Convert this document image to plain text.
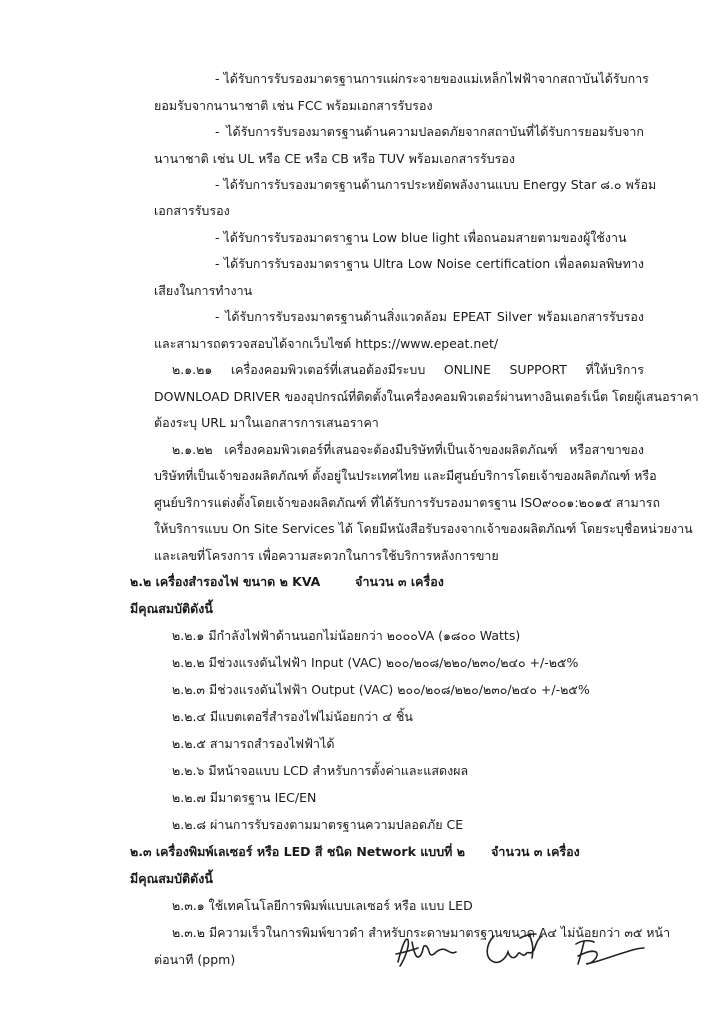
- ได้รับการรับรองมาตรฐานการแผ่กระจายของแม่เหล็กไฟฟ้าจากสถาบันได้รับการ
ยอมรับจากนานาชาติ เช่น FCC พร้อมเอกสารรับรอง
- ได้รับการรับรองมาตรฐานด้านความปลอดภัยจากสถาบันที่ได้รับการยอมรับจาก
นานาชาติ เช่น UL หรือ CE หรือ CB หรือ TUV พร้อมเอกสารรับรอง
- ได้รับการรับรองมาตรฐานด้านการประหยัดพลังงานแบบ Energy Star ๘.๐ พร้อม
เอกสารรับรอง
- ได้รับการรับรองมาตราฐาน Low blue light เพื่อถนอมสายตามของผู้ใช้งาน
- ได้รับการรับรองมาตราฐาน Ultra Low Noise certification เพื่อลดมลพิษทาง
เสียงในการทำงาน
- ได้รับการรับรองมาตรฐานด้านสิ่งแวดล้อม EPEAT Silver พร้อมเอกสารรับรอง
และสามารถตรวจสอบได้จากเว็บไซต์ https://www.epeat.net/
๒.๑.๒๑ เครื่องคอมพิวเตอร์ที่เสนอต้องมีระบบ ONLINE SUPPORT ที่ให้บริการ
DOWNLOAD DRIVER ของอุปกรณ์ที่ติดตั้งในเครื่องคอมพิวเตอร์ผ่านทางอินเตอร์เน็ต โดยผู้เสนอราคา
ต้องระบุ URL มาในเอกสารการเสนอราคา
๒.๑.๒๒ เครื่องคอมพิวเตอร์ที่เสนอจะต้องมีบริษัทที่เป็นเจ้าของผลิตภัณฑ์ หรือสาขาของ
บริษัทที่เป็นเจ้าของผลิตภัณฑ์ ตั้งอยู่ในประเทศไทย และมีศูนย์บริการโดยเจ้าของผลิตภัณฑ์ หรือ
ศูนย์บริการแต่งตั้งโดยเจ้าของผลิตภัณฑ์ ที่ได้รับการรับรองมาตรฐาน ISO๙๐๐๑:๒๐๑๕ สามารถ
ให้บริการแบบ On Site Services ได้ โดยมีหนังสือรับรองจากเจ้าของผลิตภัณฑ์ โดยระบุชื่อหน่วยงาน
และเลขที่โครงการ เพื่อความสะดวกในการใช้บริการหลังการขาย
๒.๒ เครื่องสำรองไฟ ขนาด ๒ KVA        จำนวน ๓ เครื่อง
มีคุณสมบัติดังนี้
๒.๒.๑ มีกำลังไฟฟ้าด้านนอกไม่น้อยกว่า ๒๐๐๐VA (๑๘๐๐ Watts)
๒.๒.๒ มีช่วงแรงดันไฟฟ้า Input (VAC) ๒๐๐/๒๐๘/๒๒๐/๒๓๐/๒๔๐ +/-๒๕%
๒.๒.๓ มีช่วงแรงดันไฟฟ้า Output (VAC) ๒๐๐/๒๐๘/๒๒๐/๒๓๐/๒๔๐ +/-๒๕%
๒.๒.๔ มีแบตเตอรี่สำรองไฟไม่น้อยกว่า ๔ ชิ้น
๒.๒.๕ สามารถสำรองไฟฟ้าได้
๒.๒.๖ มีหน้าจอแบบ LCD สำหรับการตั้งค่าและแสดงผล
๒.๒.๗ มีมาตรฐาน IEC/EN
๒.๒.๘ ผ่านการรับรองตามมาตรฐานความปลอดภัย CE
๒.๓ เครื่องพิมพ์เลเซอร์ หรือ LED สี ชนิด Network แบบที่ ๒      จำนวน ๓ เครื่อง
มีคุณสมบัติดังนี้
๒.๓.๑ ใช้เทคโนโลยีการพิมพ์แบบเลเซอร์ หรือ แบบ LED
๒.๓.๒ มีความเร็วในการพิมพ์ขาวดำ สำหรับกระดาษมาตรฐานขนาด A๔ ไม่น้อยกว่า ๓๕ หน้า
ต่อนาที (ppm)
